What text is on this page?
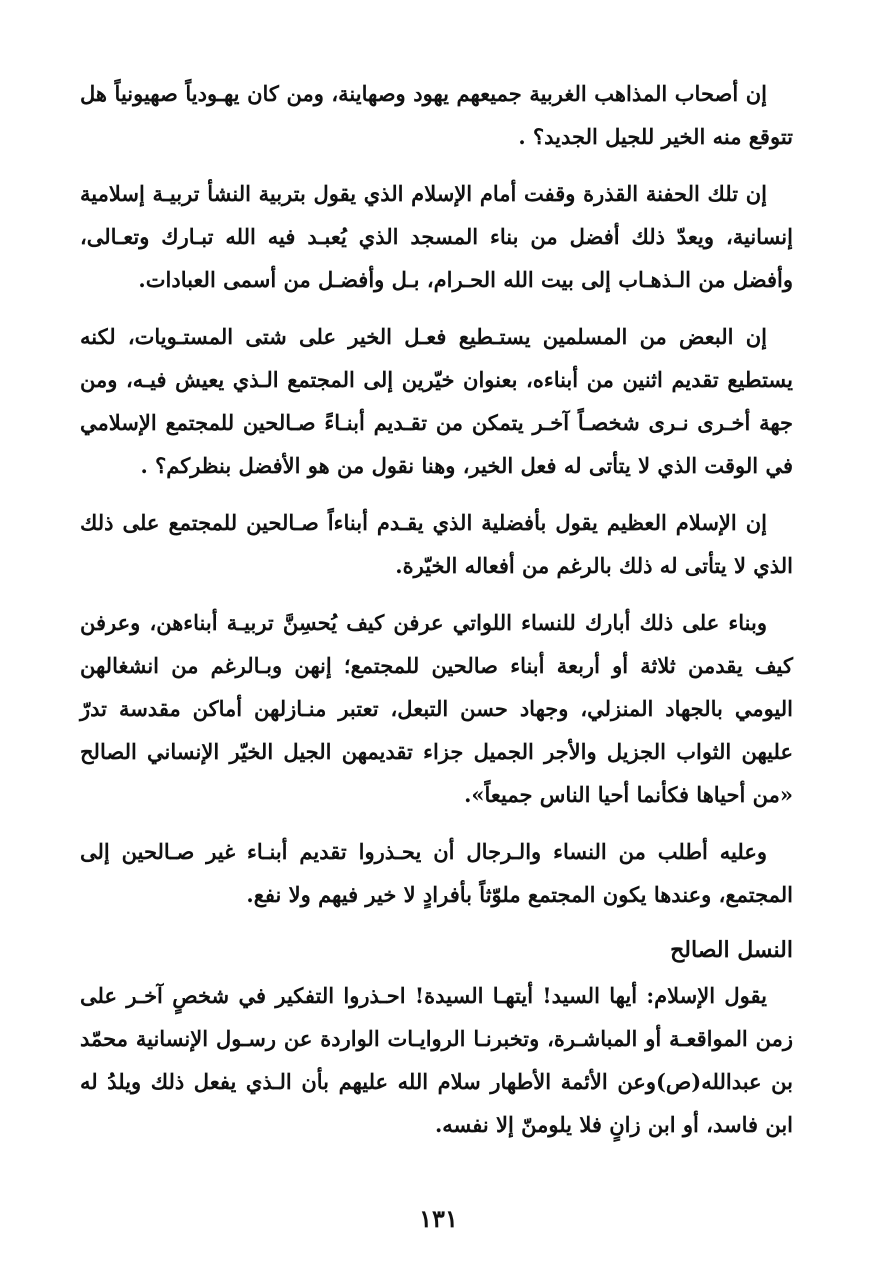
إن أصحاب المذاهب الغربية جميعهم يهود وصهاينة، ومن كان يهـودياً صهيونياً هل تتوقع منه الخير للجيل الجديد؟ .

إن تلك الحفنة القذرة وقفت أمام الإسلام الذي يقول بتربية النشأ تربيـة إسلامية إنسانية، ويعدّ ذلك أفضل من بناء المسجد الذي يُعبـد فيه الله تبـارك وتعـالى، وأفضل من الـذهـاب إلى بيت الله الحـرام، بـل وأفضـل من أسمى العبادات.

إن البعض من المسلمين يستـطيع فعـل الخير على شتى المستـويات، لكنه يستطيع تقديم اثنين من أبناءه، بعنوان خيّرين إلى المجتمع الـذي يعيش فيـه، ومن جهة أخـرى نـرى شخصـاً آخـر يتمكن من تقـديم أبنـاءً صـالحين للمجتمع الإسلامي في الوقت الذي لا يتأتى له فعل الخير، وهنا نقول من هو الأفضل بنظركم؟ .

إن الإسلام العظيم يقول بأفضلية الذي يقـدم أبناءاً صـالحين للمجتمع على ذلك الذي لا يتأتى له ذلك بالرغم من أفعاله الخيّرة.

وبناء على ذلك أبارك للنساء اللواتي عرفن كيف يُحسِنَّ تربيـة أبناءهن، وعرفن كيف يقدمن ثلاثة أو أربعة أبناء صالحين للمجتمع؛ إنهن وبـالرغم من انشغالهن اليومي بالجهاد المنزلي، وجهاد حسن التبعل، تعتبر منـازلهن أماكن مقدسة تدرّ عليهن الثواب الجزيل والأجر الجميل جزاء تقديمهن الجيل الخيّر الإنساني الصالح «من أحياها فكأنما أحيا الناس جميعاً».

وعليه أطلب من النساء والـرجال أن يحـذروا تقديم أبنـاء غير صـالحين إلى المجتمع، وعندها يكون المجتمع ملوّثاً بأفرادٍ لا خير فيهم ولا نفع.

النسل الصالح

يقول الإسلام: أيها السيد! أيتهـا السيدة! احـذروا التفكير في شخصٍ آخـر على زمن المواقعـة أو المباشـرة، وتخبرنـا الروايـات الواردة عن رسـول الإنسانية محمّد بن عبدالله(ص)وعن الأئمة الأطهار سلام الله عليهم بأن الـذي يفعل ذلك ويلدُ له ابن فاسد، أو ابن زانٍ فلا يلومنّ إلا نفسه.

١٣١
